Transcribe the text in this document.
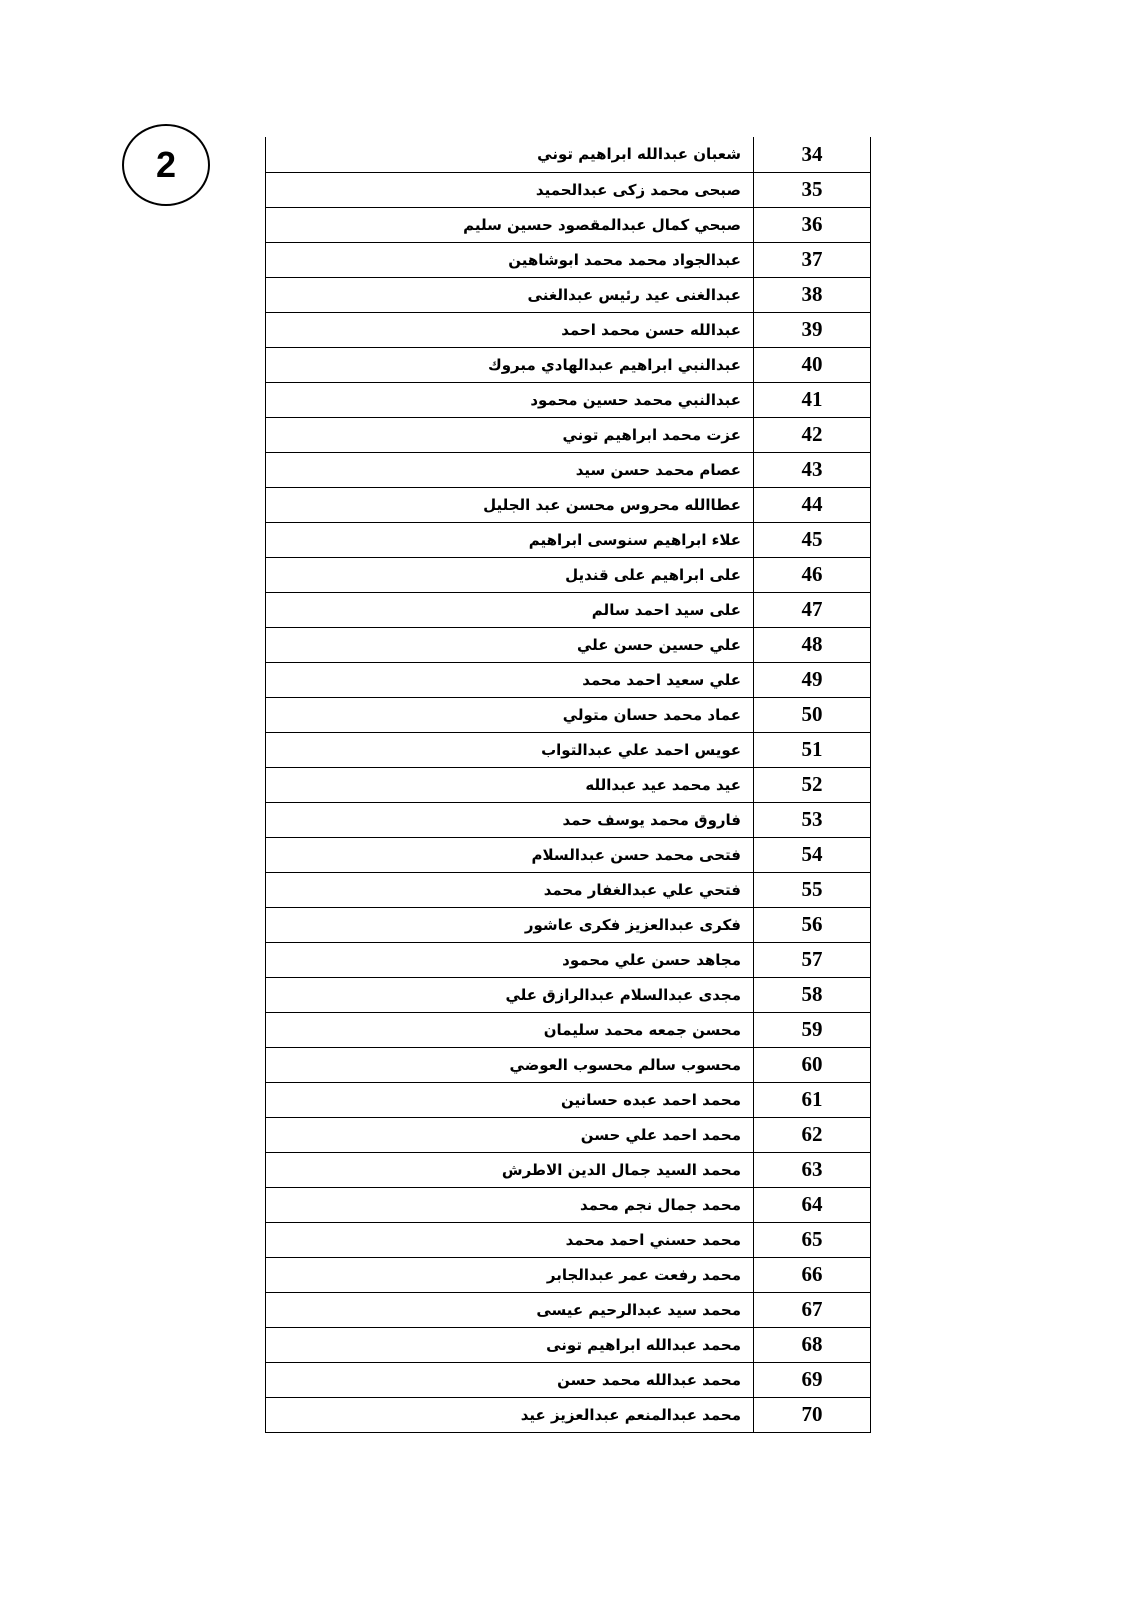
2	شعبان عبدالله ابراهيم توني	34
صبحى محمد زكى عبدالحميد	35
صبحي كمال عبدالمقصود حسين سليم	36
عبدالجواد محمد محمد ابوشاهين	37
عبدالغنى عيد رئيس عبدالغنى	38
عبدالله حسن محمد احمد	39
عبدالنبي ابراهيم عبدالهادي مبروك	40
عبدالنبي محمد حسين محمود	41
عزت محمد ابراهيم توني	42
عصام محمد حسن سيد	43
عطاالله محروس محسن عبد الجليل	44
علاء ابراهيم سنوسى ابراهيم	45
على ابراهيم على قنديل	46
على سيد احمد سالم	47
علي حسين حسن علي	48
علي سعيد احمد محمد	49
عماد محمد حسان متولي	50
عويس احمد علي عبدالتواب	51
عيد محمد عيد عبدالله	52
فاروق محمد يوسف حمد	53
فتحى محمد حسن عبدالسلام	54
فتحي علي عبدالغفار محمد	55
فكرى عبدالعزيز فكرى عاشور	56
مجاهد حسن علي محمود	57
مجدى عبدالسلام عبدالرازق علي	58
محسن جمعه محمد سليمان	59
محسوب سالم محسوب العوضي	60
محمد احمد عبده حسانين	61
محمد احمد علي حسن	62
محمد السيد جمال الدين الاطرش	63
محمد جمال نجم محمد	64
محمد حسني احمد محمد	65
محمد رفعت عمر عبدالجابر	66
محمد سيد عبدالرحيم عيسى	67
محمد عبدالله ابراهيم تونى	68
محمد عبدالله محمد حسن	69
محمد عبدالمنعم عبدالعزيز عيد	70
